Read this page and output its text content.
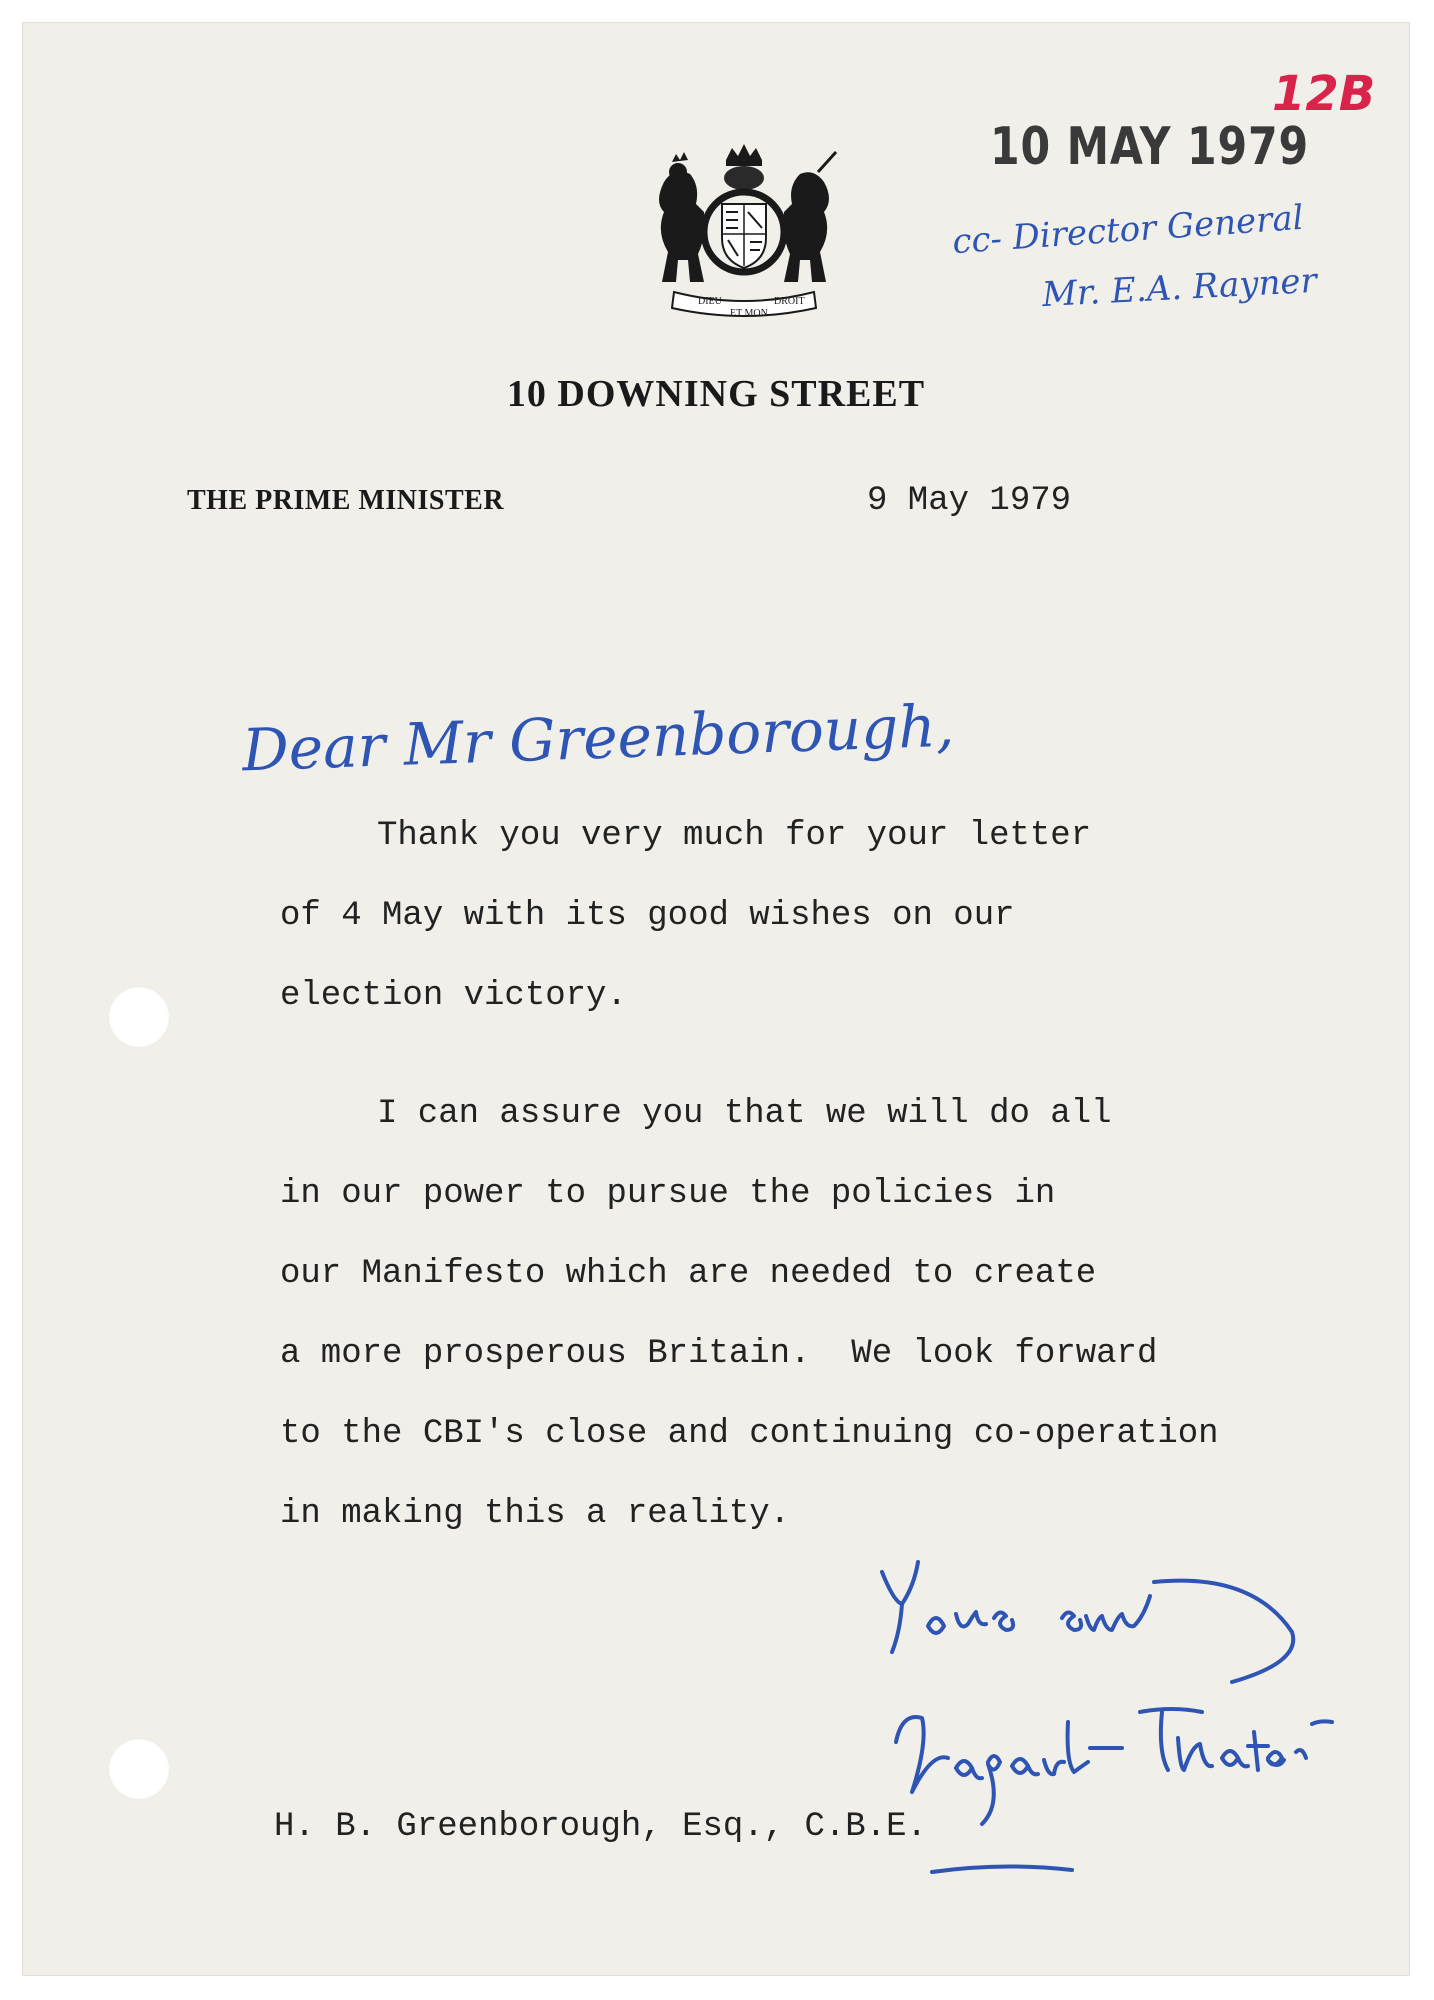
DIEU	DROIT
ET MON
10 MAY 1979
12B
cc- Director General
Mr. E.A. Rayner
10 DOWNING STREET
THE PRIME MINISTER	9 May 1979
Dear Mr Greenborough,
Thank you very much for your letter
of 4 May with its good wishes on our
election victory.
I can assure you that we will do all
in our power to pursue the policies in
our Manifesto which are needed to create
a more prosperous Britain.  We look forward
to the CBI's close and continuing co-operation
in making this a reality.
H. B. Greenborough, Esq., C.B.E.
